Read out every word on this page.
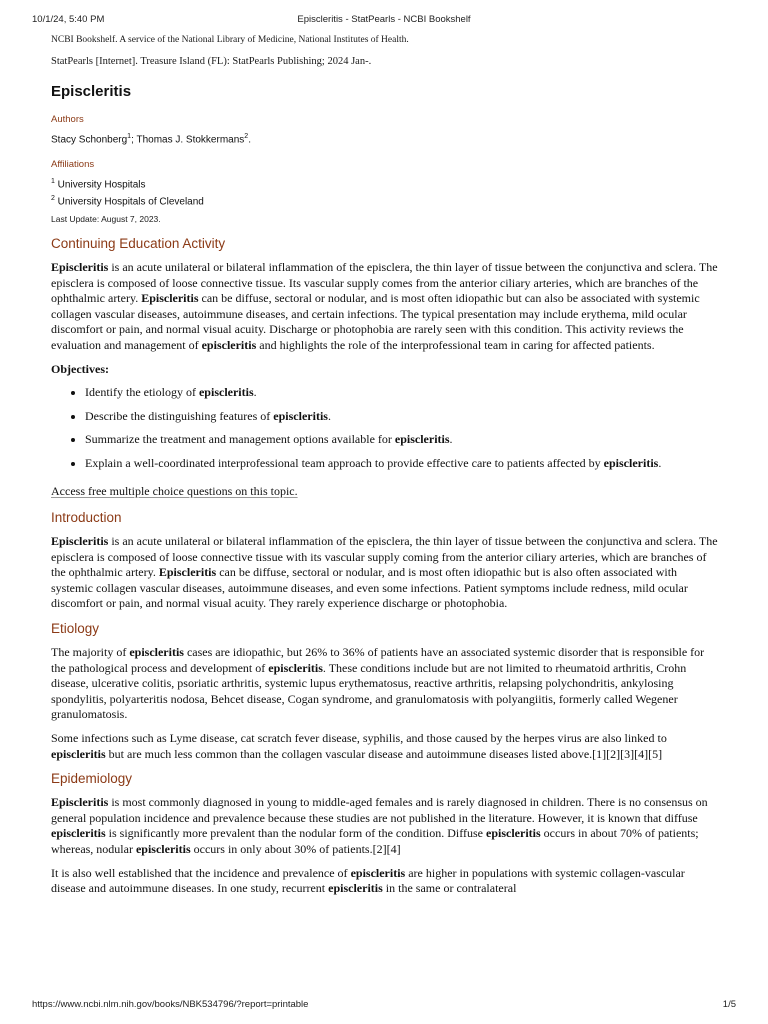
10/1/24, 5:40 PM	Episcleritis - StatPearls - NCBI Bookshelf

NCBI Bookshelf. A service of the National Library of Medicine, National Institutes of Health.

StatPearls [Internet]. Treasure Island (FL): StatPearls Publishing; 2024 Jan-.

Episcleritis
Authors

Stacy Schonberg$^1$; Thomas J. Stokkermans$^2$.

Affiliations

$^1$ University Hospitals

$^2$ University Hospitals of Cleveland

Last Update: August 7, 2023.

Continuing Education Activity

Episcleritis is an acute unilateral or bilateral inflammation of the episclera, the thin layer of tissue between the conjunctiva and sclera. The episclera is composed of loose connective tissue. Its vascular supply comes from the anterior ciliary arteries, which are branches of the ophthalmic artery. Episcleritis can be diffuse, sectoral or nodular, and is most often idiopathic but can also be associated with systemic collagen vascular diseases, autoimmune diseases, and certain infections. The typical presentation may include erythema, mild ocular discomfort or pain, and normal visual acuity. Discharge or photophobia are rarely seen with this condition. This activity reviews the evaluation and management of episcleritis and highlights the role of the interprofessional team in caring for affected patients.

Objectives:

• Identify the etiology of episcleritis.
• Describe the distinguishing features of episcleritis.
• Summarize the treatment and management options available for episcleritis.
• Explain a well-coordinated interprofessional team approach to provide effective care to patients affected by episcleritis.

Access free multiple choice questions on this topic.

Introduction

Episcleritis is an acute unilateral or bilateral inflammation of the episclera, the thin layer of tissue between the conjunctiva and sclera. The episclera is composed of loose connective tissue with its vascular supply coming from the anterior ciliary arteries, which are branches of the ophthalmic artery. Episcleritis can be diffuse, sectoral or nodular, and is most often idiopathic but is also often associated with systemic collagen vascular diseases, autoimmune diseases, and even some infections. Patient symptoms include redness, mild ocular discomfort or pain, and normal visual acuity. They rarely experience discharge or photophobia.

Etiology

The majority of episcleritis cases are idiopathic, but 26% to 36% of patients have an associated systemic disorder that is responsible for the pathological process and development of episcleritis. These conditions include but are not limited to rheumatoid arthritis, Crohn disease, ulcerative colitis, psoriatic arthritis, systemic lupus erythematosus, reactive arthritis, relapsing polychondritis, ankylosing spondylitis, polyarteritis nodosa, Behcet disease, Cogan syndrome, and granulomatosis with polyangiitis, formerly called Wegener granulomatosis.

Some infections such as Lyme disease, cat scratch fever disease, syphilis, and those caused by the herpes virus are also linked to episcleritis but are much less common than the collagen vascular disease and autoimmune diseases listed above.[1][2][3][4][5]

Epidemiology

Episcleritis is most commonly diagnosed in young to middle-aged females and is rarely diagnosed in children. There is no consensus on general population incidence and prevalence because these studies are not published in the literature. However, it is known that diffuse episcleritis is significantly more prevalent than the nodular form of the condition. Diffuse episcleritis occurs in about 70% of patients; whereas, nodular episcleritis occurs in only about 30% of patients.[2][4]

It is also well established that the incidence and prevalence of episcleritis are higher in populations with systemic collagen-vascular disease and autoimmune diseases. In one study, recurrent episcleritis in the same or contralateral

https://www.ncbi.nlm.nih.gov/books/NBK534796/?report=printable	1/5
